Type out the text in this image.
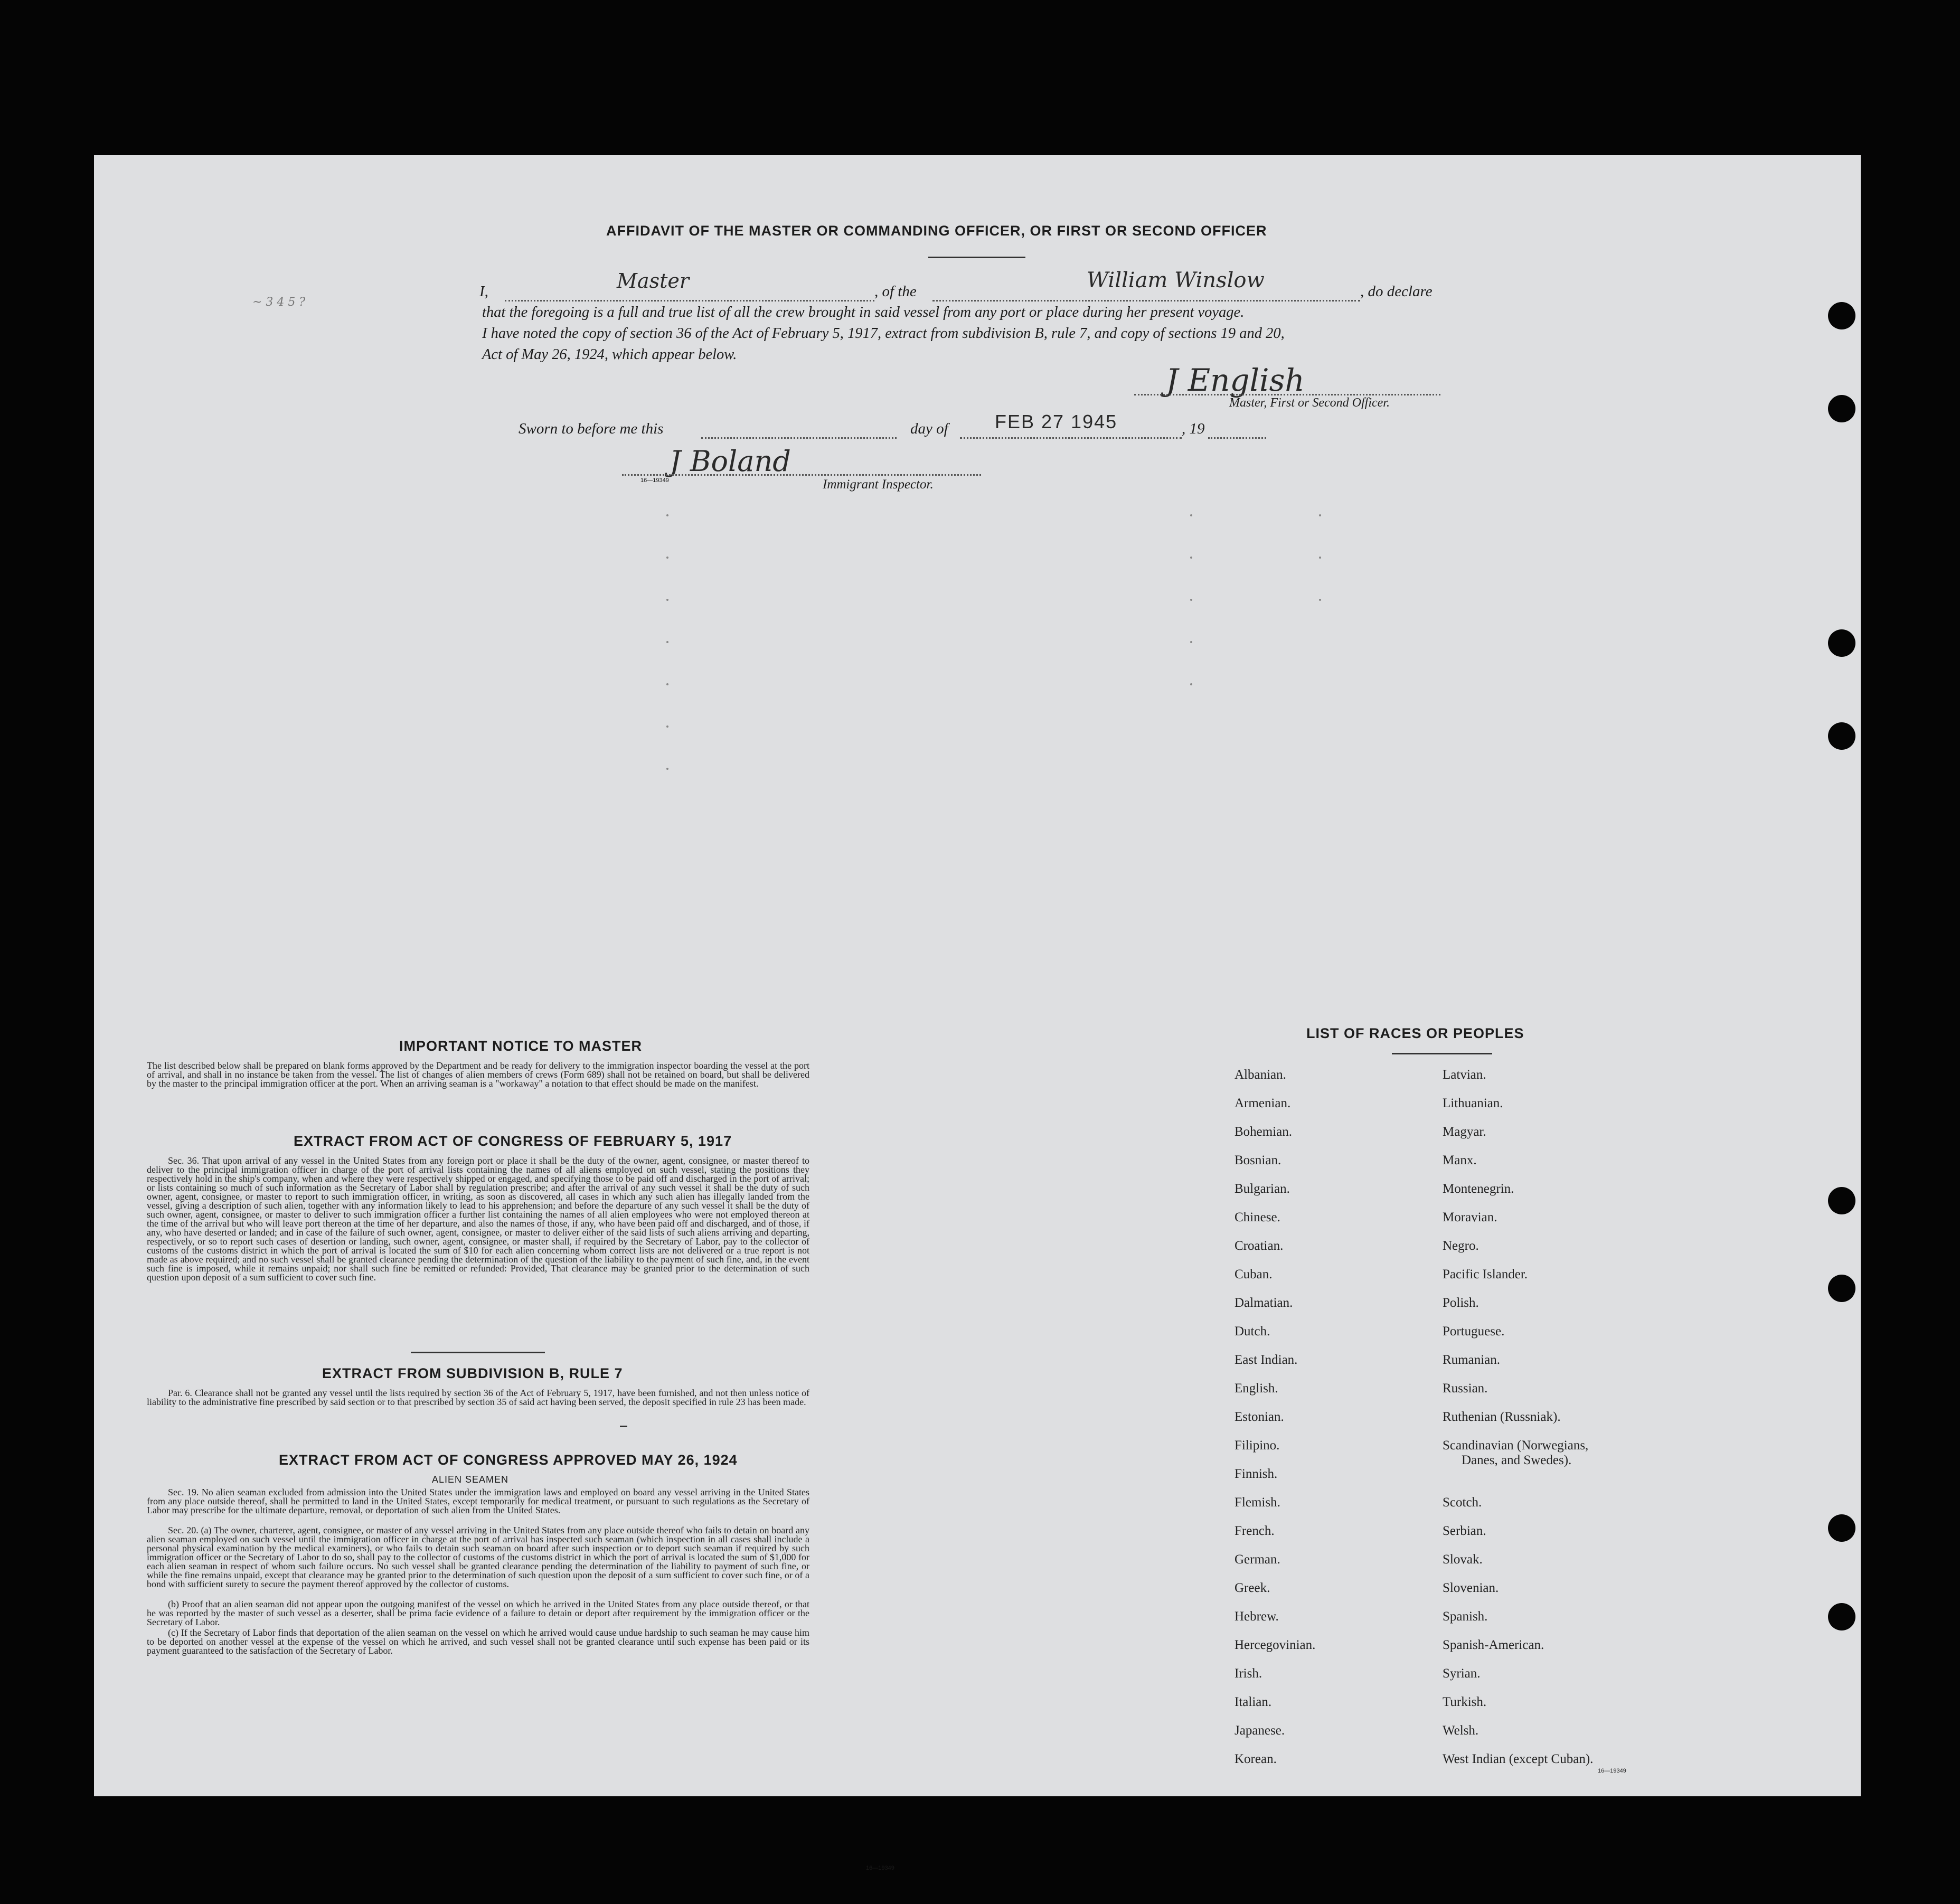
AFFIDAVIT OF THE MASTER OR COMMANDING OFFICER, OR FIRST OR SECOND OFFICER
~ 3 4 5 ?
I,	Master	, of the	William Winslow	, do declare
that the foregoing is a full and true list of all the crew brought in said vessel from any port or place during her present voyage.
I have noted the copy of section 36 of the Act of February 5, 1917, extract from subdivision B, rule 7, and copy of sections 19 and 20,
Act of May 26, 1924, which appear below.
J English
Master, First or Second Officer.
Sworn to before me this	day of FEB 27 1945	, 19
J Boland
16—19349	Immigrant Inspector.
IMPORTANT NOTICE TO MASTER
The list described below shall be prepared on blank forms approved by the Department and be ready for delivery to the immigration inspector boarding the vessel at the port of arrival, and shall in no instance be taken from the vessel. The list of changes of alien members of crews (Form 689) shall not be retained on board, but shall be delivered by the master to the principal immigration officer at the port. When an arriving seaman is a "workaway" a notation to that effect should be made on the manifest.
EXTRACT FROM ACT OF CONGRESS OF FEBRUARY 5, 1917
Sec. 36. That upon arrival of any vessel in the United States from any foreign port or place it shall be the duty of the owner, agent, consignee, or master thereof to deliver to the principal immigration officer in charge of the port of arrival lists containing the names of all aliens employed on such vessel, stating the positions they respectively hold in the ship's company, when and where they were respectively shipped or engaged, and specifying those to be paid off and discharged in the port of arrival; or lists containing so much of such information as the Secretary of Labor shall by regulation prescribe; and after the arrival of any such vessel it shall be the duty of such owner, agent, consignee, or master to report to such immigration officer, in writing, as soon as discovered, all cases in which any such alien has illegally landed from the vessel, giving a description of such alien, together with any information likely to lead to his apprehension; and before the departure of any such vessel it shall be the duty of such owner, agent, consignee, or master to deliver to such immigration officer a further list containing the names of all alien employees who were not employed thereon at the time of the arrival but who will leave port thereon at the time of her departure, and also the names of those, if any, who have been paid off and discharged, and of those, if any, who have deserted or landed; and in case of the failure of such owner, agent, consignee, or master to deliver either of the said lists of such aliens arriving and departing, respectively, or so to report such cases of desertion or landing, such owner, agent, consignee, or master shall, if required by the Secretary of Labor, pay to the collector of customs of the customs district in which the port of arrival is located the sum of $10 for each alien concerning whom correct lists are not delivered or a true report is not made as above required; and no such vessel shall be granted clearance pending the determination of the question of the liability to the payment of such fine, and, in the event such fine is imposed, while it remains unpaid; nor shall such fine be remitted or refunded: Provided, That clearance may be granted prior to the determination of such question upon deposit of a sum sufficient to cover such fine.
EXTRACT FROM SUBDIVISION B, RULE 7
Par. 6. Clearance shall not be granted any vessel until the lists required by section 36 of the Act of February 5, 1917, have been furnished, and not then unless notice of liability to the administrative fine prescribed by said section or to that prescribed by section 35 of said act having been served, the deposit specified in rule 23 has been made.
EXTRACT FROM ACT OF CONGRESS APPROVED MAY 26, 1924
ALIEN SEAMEN
Sec. 19. No alien seaman excluded from admission into the United States under the immigration laws and employed on board any vessel arriving in the United States from any place outside thereof, shall be permitted to land in the United States, except temporarily for medical treatment, or pursuant to such regulations as the Secretary of Labor may prescribe for the ultimate departure, removal, or deportation of such alien from the United States.
Sec. 20. (a) The owner, charterer, agent, consignee, or master of any vessel arriving in the United States from any place outside thereof who fails to detain on board any alien seaman employed on such vessel until the immigration officer in charge at the port of arrival has inspected such seaman (which inspection in all cases shall include a personal physical examination by the medical examiners), or who fails to detain such seaman on board after such inspection or to deport such seaman if required by such immigration officer or the Secretary of Labor to do so, shall pay to the collector of customs of the customs district in which the port of arrival is located the sum of $1,000 for each alien seaman in respect of whom such failure occurs. No such vessel shall be granted clearance pending the determination of the liability to payment of such fine, or while the fine remains unpaid, except that clearance may be granted prior to the determination of such question upon the deposit of a sum sufficient to cover such fine, or of a bond with sufficient surety to secure the payment thereof approved by the collector of customs.
(b) Proof that an alien seaman did not appear upon the outgoing manifest of the vessel on which he arrived in the United States from any place outside thereof, or that he was reported by the master of such vessel as a deserter, shall be prima facie evidence of a failure to detain or deport after requirement by the immigration officer or the Secretary of Labor.
(c) If the Secretary of Labor finds that deportation of the alien seaman on the vessel on which he arrived would cause undue hardship to such seaman he may cause him to be deported on another vessel at the expense of the vessel on which he arrived, and such vessel shall not be granted clearance until such expense has been paid or its payment guaranteed to the satisfaction of the Secretary of Labor.
16—19349
LIST OF RACES OR PEOPLES
Albanian.
Armenian.
Bohemian.
Bosnian.
Bulgarian.
Chinese.
Croatian.
Cuban.
Dalmatian.
Dutch.
East Indian.
English.
Estonian.
Filipino.
Finnish.
Flemish.
French.
German.
Greek.
Hebrew.
Hercegovinian.
Irish.
Italian.
Japanese.
Korean.
Latvian.
Lithuanian.
Magyar.
Manx.
Montenegrin.
Moravian.
Negro.
Pacific Islander.
Polish.
Portuguese.
Rumanian.
Russian.
Ruthenian (Russniak).
Scandinavian (Norwegians,
Danes, and Swedes).
Scotch.
Serbian.
Slovak.
Slovenian.
Spanish.
Spanish-American.
Syrian.
Turkish.
Welsh.
West Indian (except Cuban).
16—19349
